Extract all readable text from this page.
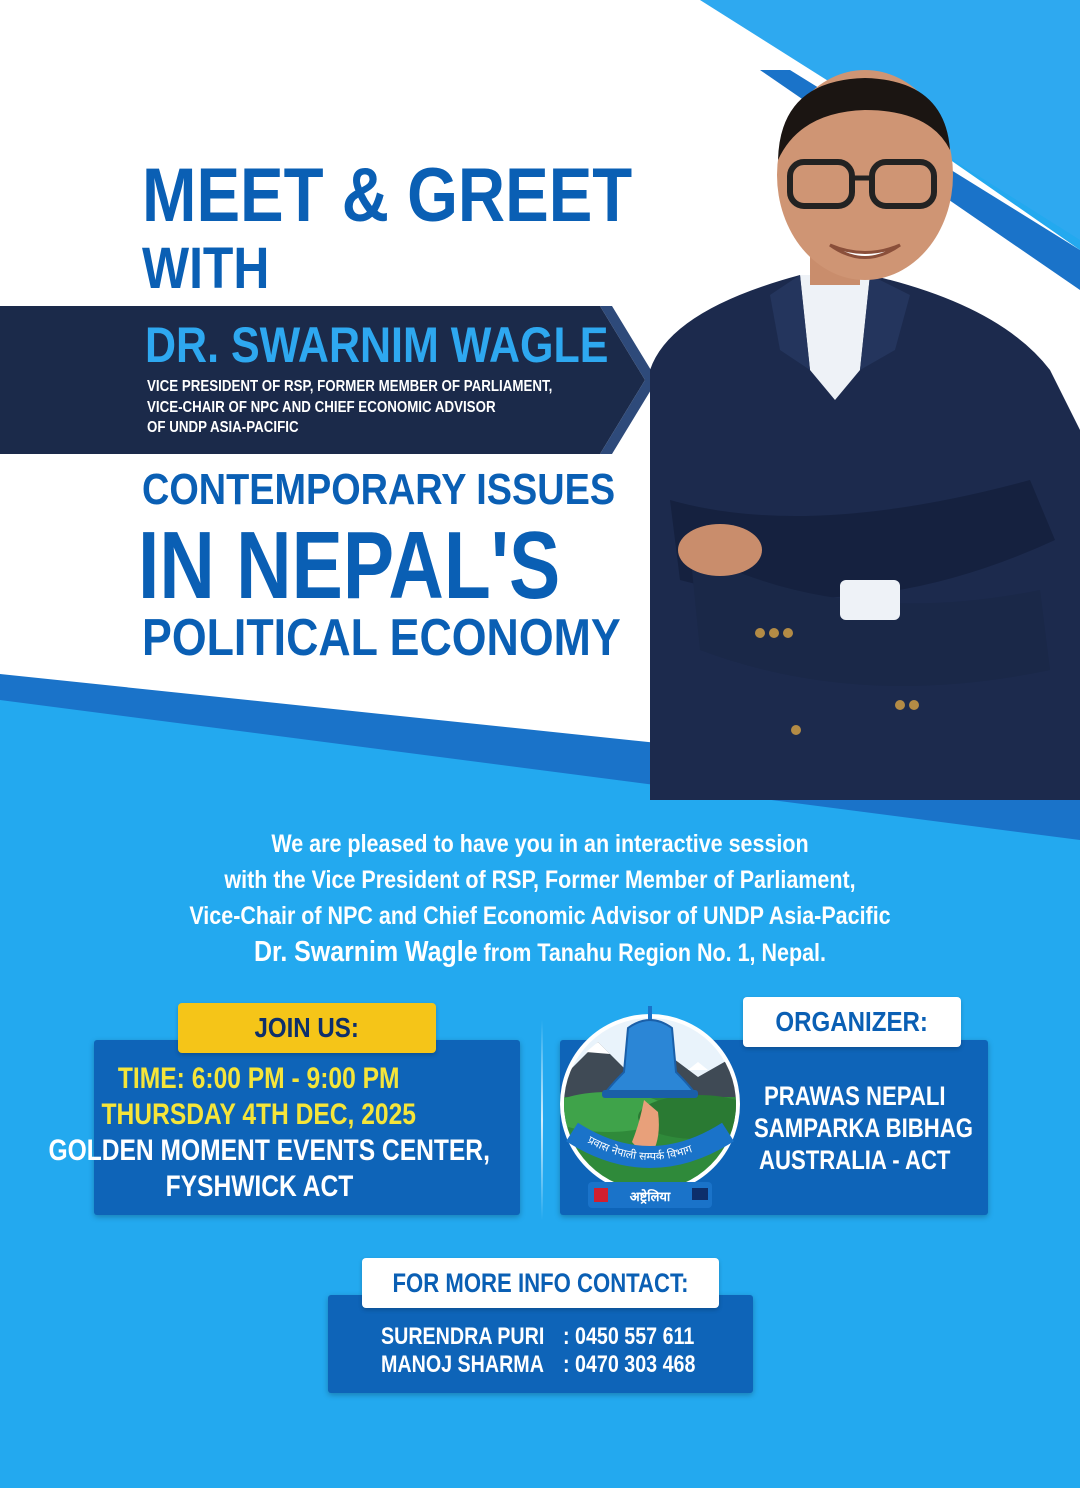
MEET & GREET
WITH
DR. SWARNIM WAGLE
VICE PRESIDENT OF RSP, FORMER MEMBER OF PARLIAMENT,
VICE-CHAIR OF NPC AND CHIEF ECONOMIC ADVISOR
OF UNDP ASIA-PACIFIC
CONTEMPORARY ISSUES
IN NEPAL'S
POLITICAL ECONOMY
We are pleased to have you in an interactive session
with the Vice President of RSP, Former Member of Parliament,
Vice-Chair of NPC and Chief Economic Advisor of UNDP Asia-Pacific
Dr. Swarnim Wagle from Tanahu Region No. 1, Nepal.
JOIN US:
TIME: 6:00 PM - 9:00 PM
THURSDAY 4TH DEC, 2025
GOLDEN MOMENT EVENTS CENTER,
FYSHWICK ACT
ORGANIZER:
PRAWAS NEPALI
SAMPARKA BIBHAG
AUSTRALIA - ACT
प्रवास नेपाली सम्पर्क विभाग
अष्ट्रेलिया
FOR MORE INFO CONTACT:
SURENDRA PURI : 0450 557 611
MANOJ SHARMA : 0470 303 468
